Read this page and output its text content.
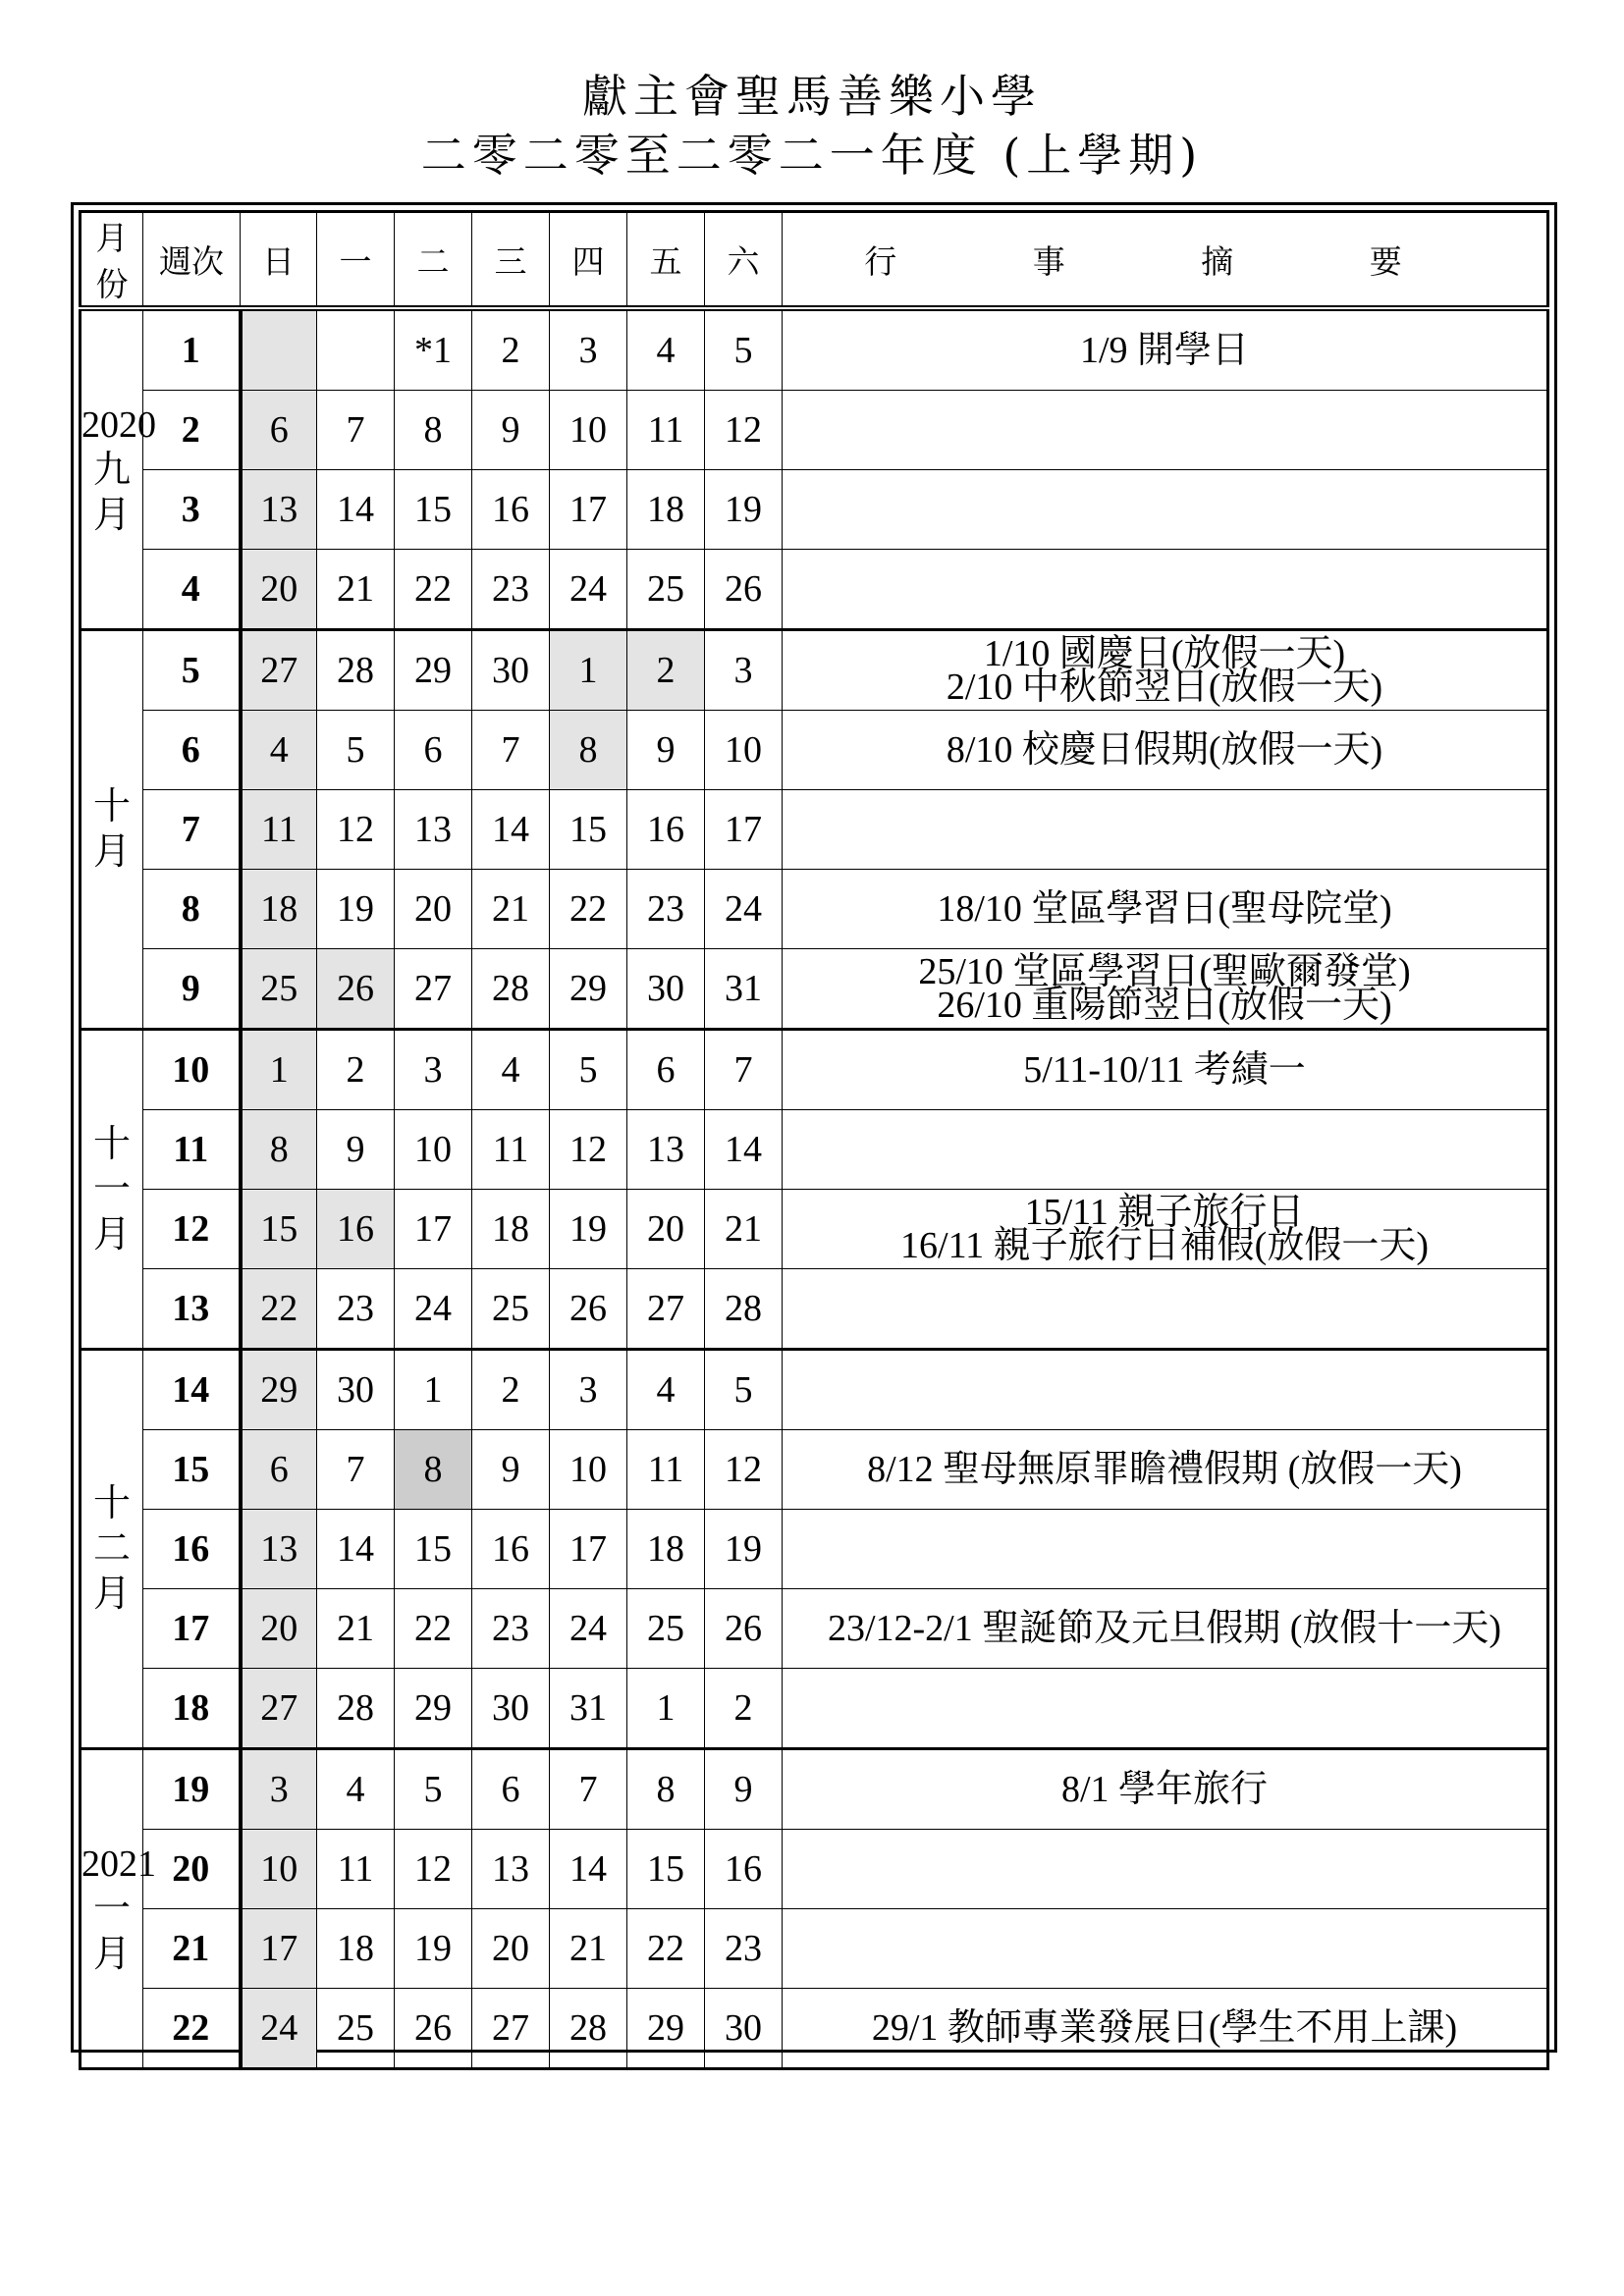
獻主會聖馬善樂小學
二零二零至二零二一年度 (上學期)
月份	週次	日	一	二	三	四	五	六	行 事 摘 要
2020
九
月	1			*1	2	3	4	5	1/9 開學日
	2	6	7	8	9	10	11	12	
	3	13	14	15	16	17	18	19	
	4	20	21	22	23	24	25	26	
十
月	5	27	28	29	30	1	2	3	1/10 國慶日(放假一天)
2/10 中秋節翌日(放假一天)
	6	4	5	6	7	8	9	10	8/10 校慶日假期(放假一天)
	7	11	12	13	14	15	16	17	
	8	18	19	20	21	22	23	24	18/10 堂區學習日(聖母院堂)
	9	25	26	27	28	29	30	31	25/10 堂區學習日(聖歐爾發堂)
26/10 重陽節翌日(放假一天)
十
一
月	10	1	2	3	4	5	6	7	5/11-10/11 考績一
	11	8	9	10	11	12	13	14	
	12	15	16	17	18	19	20	21	15/11 親子旅行日
16/11 親子旅行日補假(放假一天)
	13	22	23	24	25	26	27	28	
十
二
月	14	29	30	1	2	3	4	5	
	15	6	7	8	9	10	11	12	8/12 聖母無原罪瞻禮假期 (放假一天)
	16	13	14	15	16	17	18	19	
	17	20	21	22	23	24	25	26	23/12-2/1 聖誕節及元旦假期 (放假十一天)
	18	27	28	29	30	31	1	2	
2021
一
月	19	3	4	5	6	7	8	9	8/1 學年旅行
	20	10	11	12	13	14	15	16	
	21	17	18	19	20	21	22	23	
	22	24	25	26	27	28	29	30	29/1 教師專業發展日(學生不用上課)
